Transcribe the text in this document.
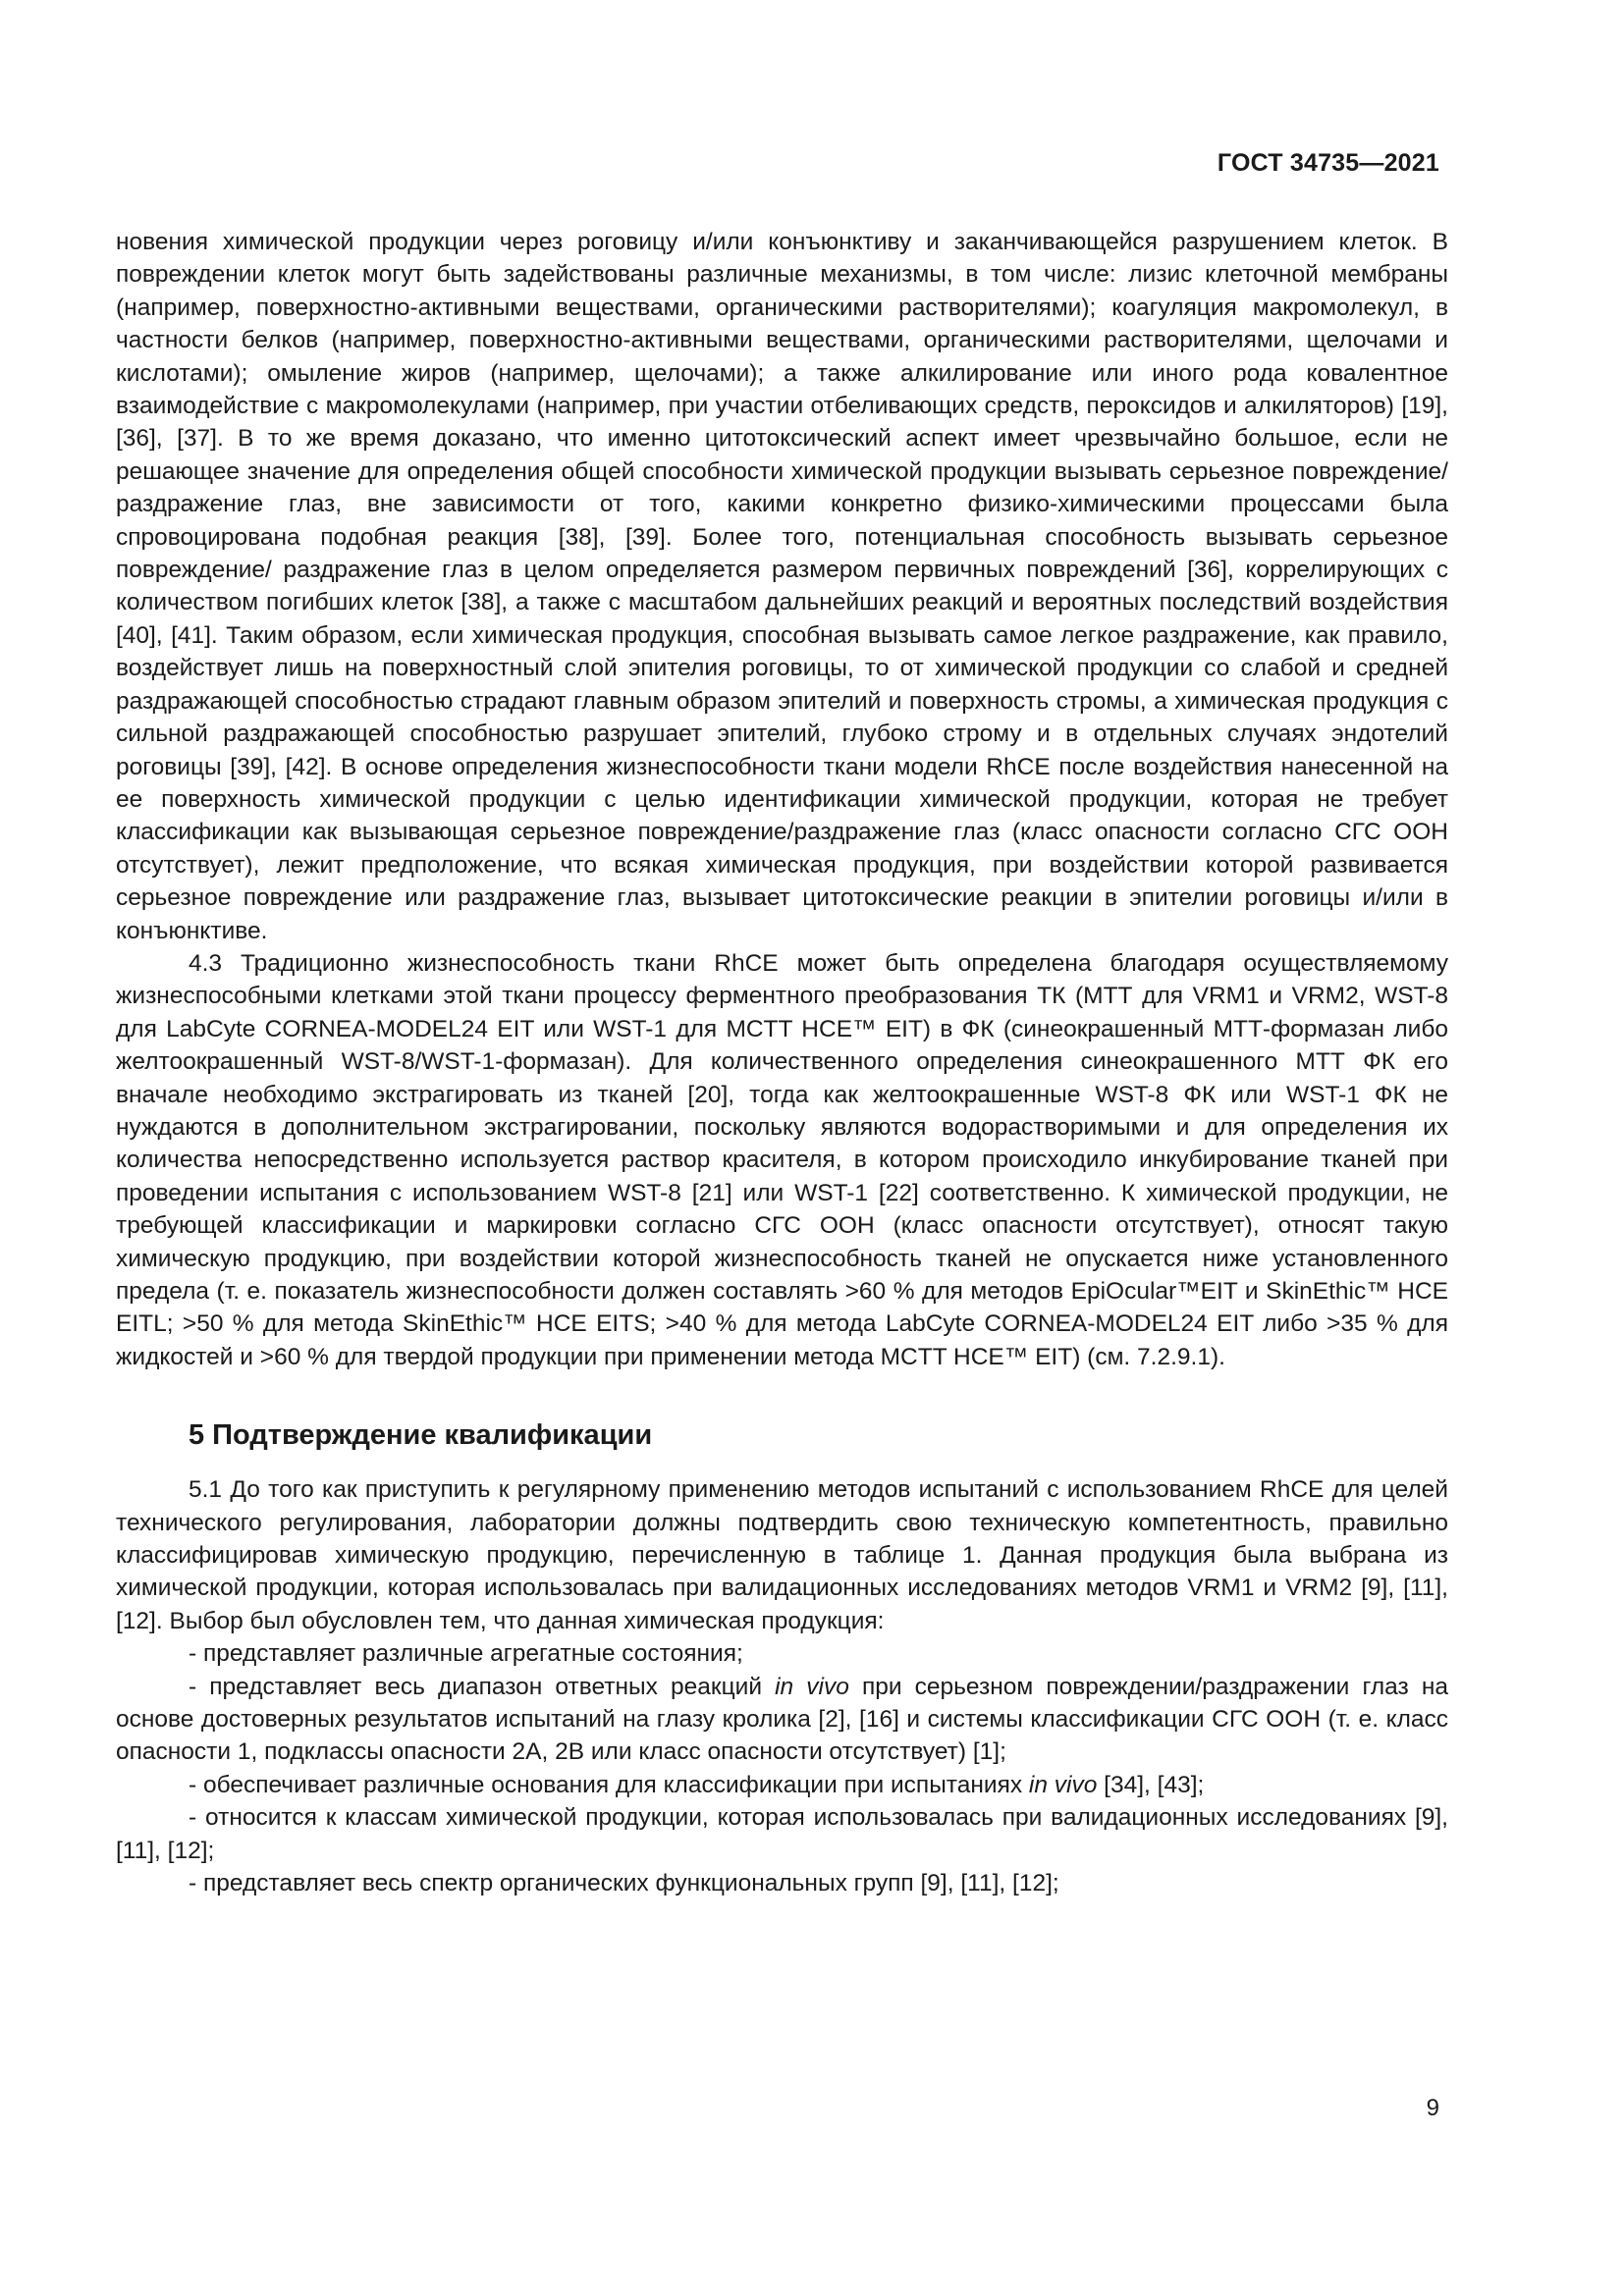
ГОСТ 34735—2021

новения химической продукции через роговицу и/или конъюнктиву и заканчивающейся разрушением клеток. В повреждении клеток могут быть задействованы различные механизмы, в том числе: лизис клеточной мембраны (например, поверхностно-активными веществами, органическими растворителями); коагуляция макромолекул, в частности белков (например, поверхностно-активными веществами, органическими растворителями, щелочами и кислотами); омыление жиров (например, щелочами); а также алкилирование или иного рода ковалентное взаимодействие с макромолекулами (например, при участии отбеливающих средств, пероксидов и алкиляторов) [19], [36], [37]. В то же время доказано, что именно цитотоксический аспект имеет чрезвычайно большое, если не решающее значение для определения общей способности химической продукции вызывать серьезное повреждение/раздражение глаз, вне зависимости от того, какими конкретно физико-химическими процессами была спровоцирована подобная реакция [38], [39]. Более того, потенциальная способность вызывать серьезное повреждение/ раздражение глаз в целом определяется размером первичных повреждений [36], коррелирующих с количеством погибших клеток [38], а также с масштабом дальнейших реакций и вероятных последствий воздействия [40], [41]. Таким образом, если химическая продукция, способная вызывать самое легкое раздражение, как правило, воздействует лишь на поверхностный слой эпителия роговицы, то от химической продукции со слабой и средней раздражающей способностью страдают главным образом эпителий и поверхность стромы, а химическая продукция с сильной раздражающей способностью разрушает эпителий, глубоко строму и в отдельных случаях эндотелий роговицы [39], [42]. В основе определения жизнеспособности ткани модели RhCE после воздействия нанесенной на ее поверхность химической продукции с целью идентификации химической продукции, которая не требует классификации как вызывающая серьезное повреждение/раздражение глаз (класс опасности согласно СГС ООН отсутствует), лежит предположение, что всякая химическая продукция, при воздействии которой развивается серьезное повреждение или раздражение глаз, вызывает цитотоксические реакции в эпителии роговицы и/или в конъюнктиве.

4.3 Традиционно жизнеспособность ткани RhCE может быть определена благодаря осуществляемому жизнеспособными клетками этой ткани процессу ферментного преобразования ТК (МТТ для VRM1 и VRM2, WST-8 для LabCyte CORNEA-MODEL24 EIT или WST-1 для MCTT HCE™ EIT) в ФК (синеокрашенный МТТ-формазан либо желтоокрашенный WST-8/WST-1-формазан). Для количественного определения синеокрашенного МТТ ФК его вначале необходимо экстрагировать из тканей [20], тогда как желтоокрашенные WST-8 ФК или WST-1 ФК не нуждаются в дополнительном экстрагировании, поскольку являются водорастворимыми и для определения их количества непосредственно используется раствор красителя, в котором происходило инкубирование тканей при проведении испытания с использованием WST-8 [21] или WST-1 [22] соответственно. К химической продукции, не требующей классификации и маркировки согласно СГС ООН (класс опасности отсутствует), относят такую химическую продукцию, при воздействии которой жизнеспособность тканей не опускается ниже установленного предела (т. е. показатель жизнеспособности должен составлять >60 % для методов EpiOcular™EIT и SkinEthic™ HCE EITL; >50 % для метода SkinEthic™ HCE EITS; >40 % для метода LabCyte CORNEA-MODEL24 EIT либо >35 % для жидкостей и >60 % для твердой продукции при применении метода MCTT HCE™ EIT) (см. 7.2.9.1).

5 Подтверждение квалификации

5.1 До того как приступить к регулярному применению методов испытаний с использованием RhCE для целей технического регулирования, лаборатории должны подтвердить свою техническую компетентность, правильно классифицировав химическую продукцию, перечисленную в таблице 1. Данная продукция была выбрана из химической продукции, которая использовалась при валидационных исследованиях методов VRM1 и VRM2 [9], [11], [12]. Выбор был обусловлен тем, что данная химическая продукция:

- представляет различные агрегатные состояния;

- представляет весь диапазон ответных реакций in vivo при серьезном повреждении/раздражении глаз на основе достоверных результатов испытаний на глазу кролика [2], [16] и системы классификации СГС ООН (т. е. класс опасности 1, подклассы опасности 2А, 2В или класс опасности отсутствует) [1];

- обеспечивает различные основания для классификации при испытаниях in vivo [34], [43];

- относится к классам химической продукции, которая использовалась при валидационных исследованиях [9], [11], [12];

- представляет весь спектр органических функциональных групп [9], [11], [12];

9
